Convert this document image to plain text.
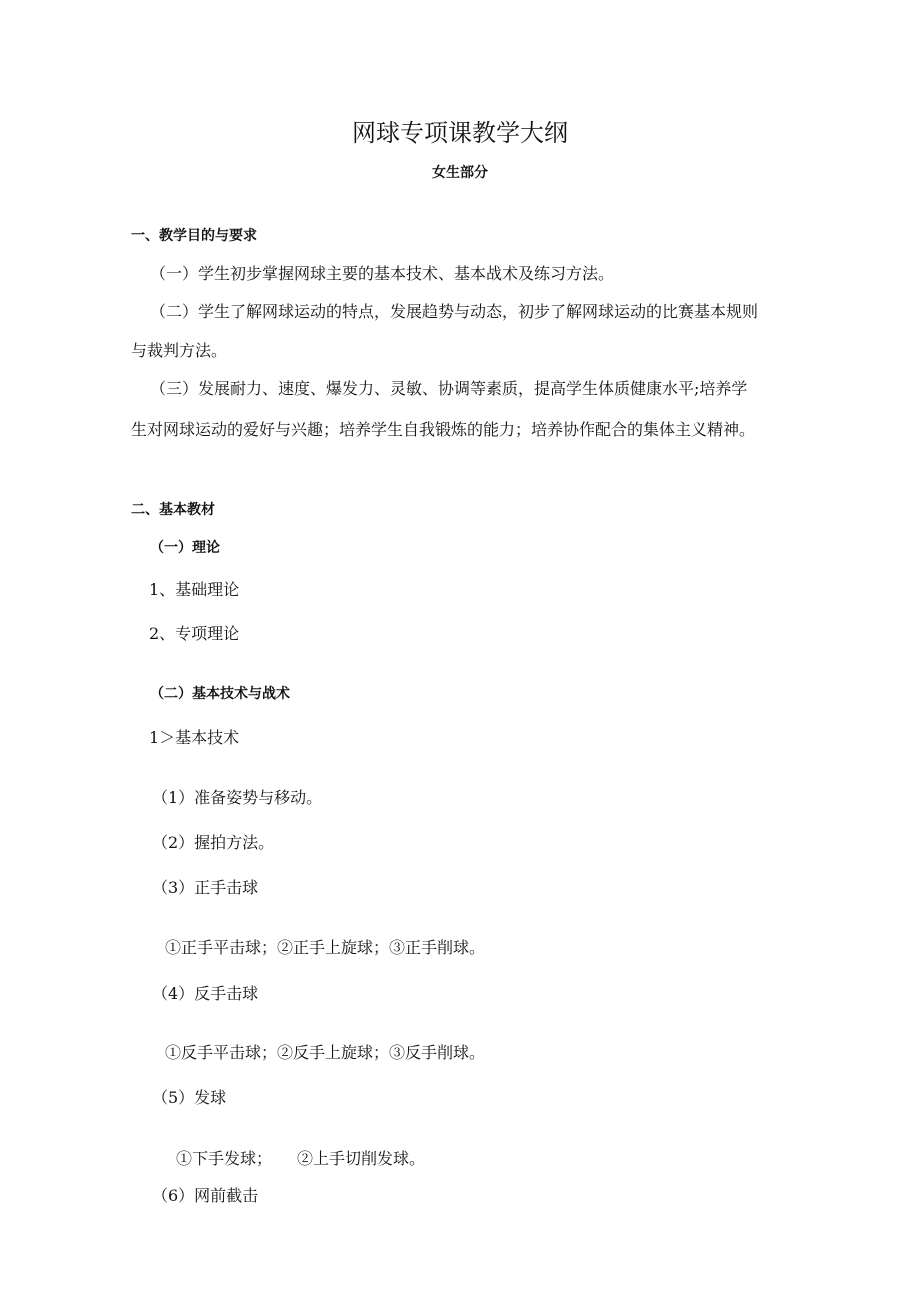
网球专项课教学大纲
女生部分
一、教学目的与要求
（一）学生初步掌握网球主要的基本技术、基本战术及练习方法。
（二）学生了解网球运动的特点，发展趋势与动态，初步了解网球运动的比赛基本规则
与裁判方法。
（三）发展耐力、速度、爆发力、灵敏、协调等素质，提高学生体质健康水平;培养学
生对网球运动的爱好与兴趣；培养学生自我锻炼的能力；培养协作配合的集体主义精神。
二、基本教材
（一）理论
1、基础理论
2、专项理论
（二）基本技术与战术
1＞基本技术
（1）准备姿势与移动。
（2）握拍方法。
（3）正手击球
①正手平击球；②正手上旋球；③正手削球。
（4）反手击球
①反手平击球；②反手上旋球；③反手削球。
（5）发球
①下手发球； ②上手切削发球。
（6）网前截击
